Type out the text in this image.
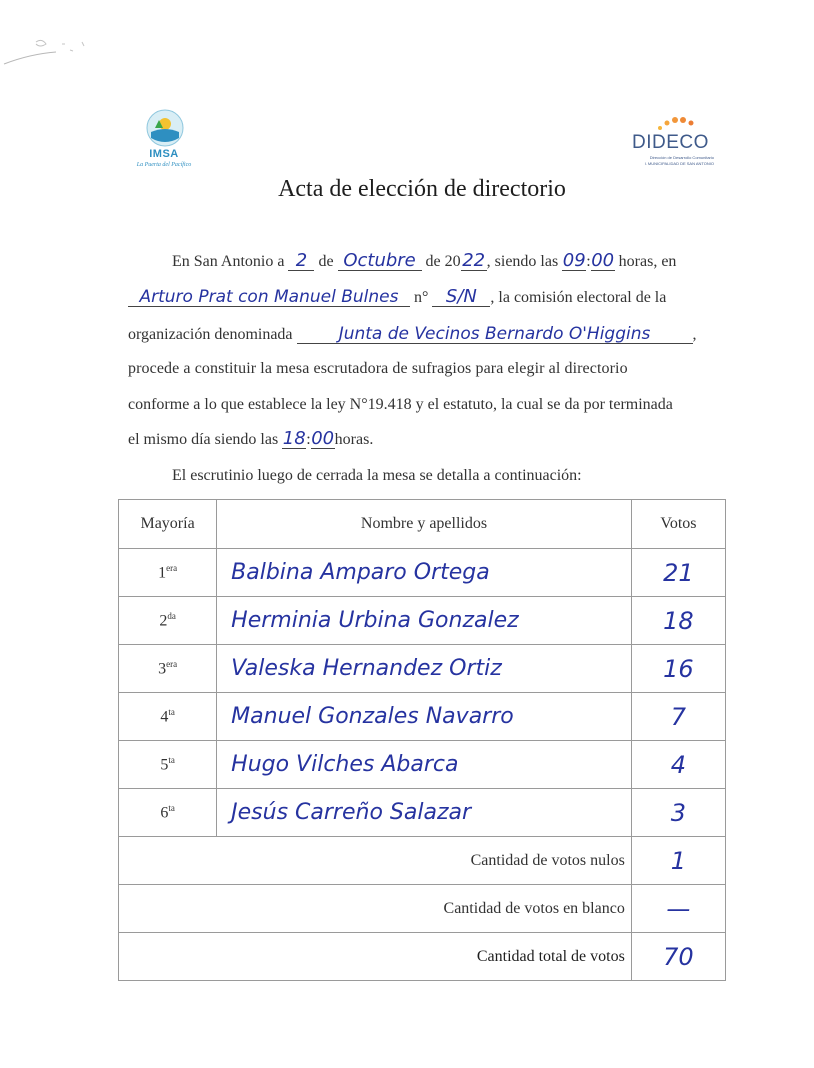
IMSA
La Puerta del Pacífico
DIDECO
Dirección de Desarrollo Comunitario
I. MUNICIPALIDAD DE SAN ANTONIO
Acta de elección de directorio
En San Antonio a 2 de Octubre de 2022, siendo las 09:00 horas, en
Arturo Prat con Manuel Bulnes n° S/N , la comisión electoral de la
organización denominada	Junta de Vecinos Bernardo O'Higgins	,
procede a constituir la mesa escrutadora de sufragios para elegir al directorio
conforme a lo que establece la ley N°19.418 y el estatuto, la cual se da por terminada
el mismo día siendo las 18:00horas.
El escrutinio luego de cerrada la mesa se detalla a continuación:
Mayoría	Nombre y apellidos	Votos
$1^{era}$	Balbina Amparo Ortega	21
$2^{da}$	Herminia Urbina Gonzalez	18
$3^{era}$	Valeska Hernandez Ortiz	16
$4^{ta}$	Manuel Gonzales Navarro	7
$5^{ta}$	Hugo Vilches Abarca	4
$6^{ta}$	Jesús Carreño Salazar	3
Cantidad de votos nulos		1
Cantidad de votos en blanco		—
Cantidad total de votos		70
